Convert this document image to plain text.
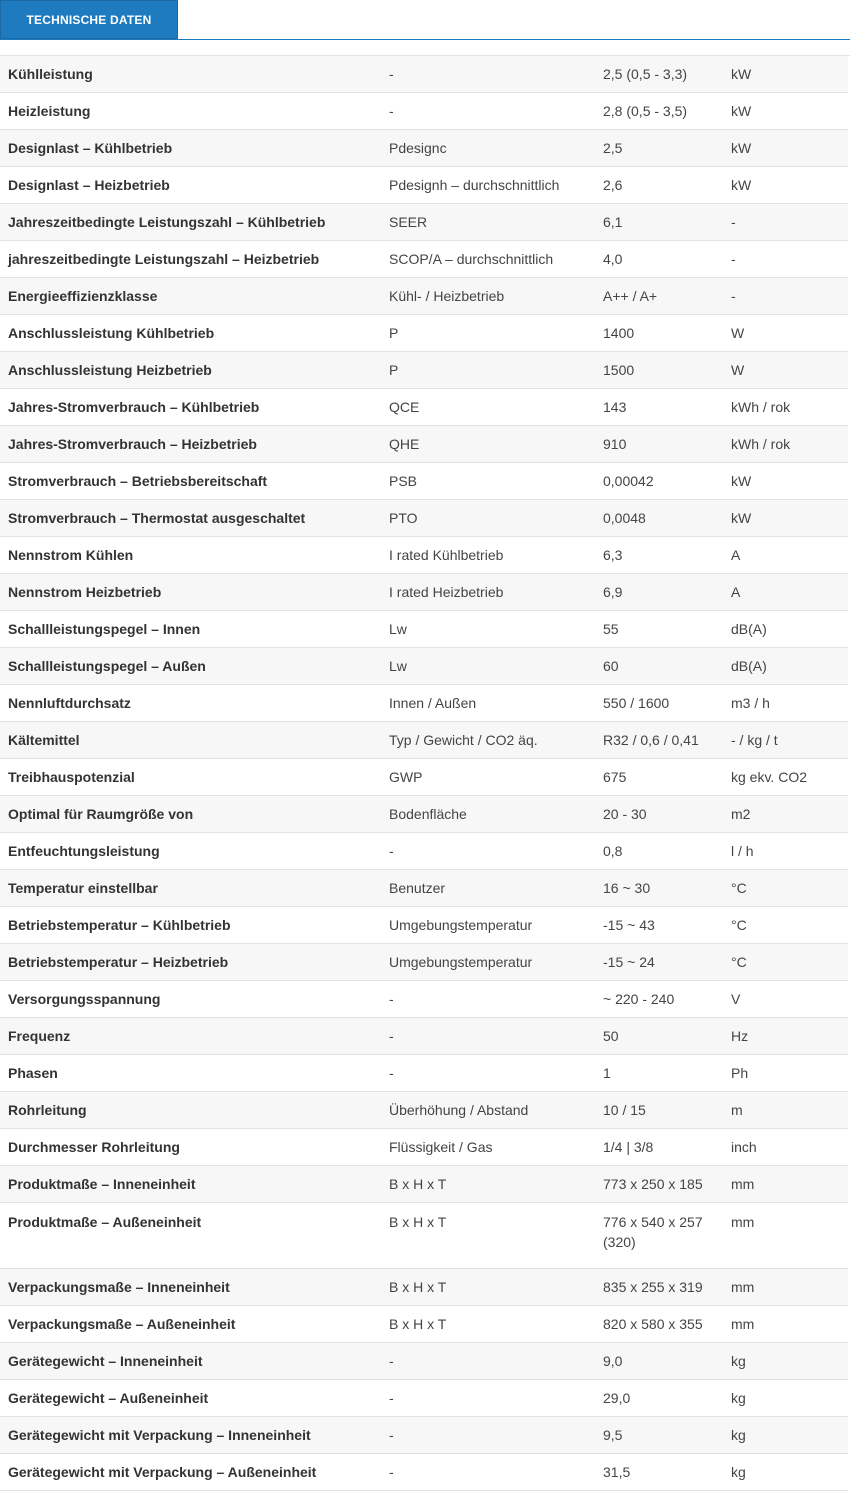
TECHNISCHE DATEN
Kühlleistung	-	2,5 (0,5 - 3,3)	kW
Heizleistung	-	2,8 (0,5 - 3,5)	kW
Designlast – Kühlbetrieb	Pdesignc	2,5	kW
Designlast – Heizbetrieb	Pdesignh – durchschnittlich	2,6	kW
Jahreszeitbedingte Leistungszahl – Kühlbetrieb	SEER	6,1	-
jahreszeitbedingte Leistungszahl – Heizbetrieb	SCOP/A – durchschnittlich	4,0	-
Energieeffizienzklasse	Kühl- / Heizbetrieb	A++ / A+	-
Anschlussleistung Kühlbetrieb	P	1400	W
Anschlussleistung Heizbetrieb	P	1500	W
Jahres-Stromverbrauch – Kühlbetrieb	QCE	143	kWh / rok
Jahres-Stromverbrauch – Heizbetrieb	QHE	910	kWh / rok
Stromverbrauch – Betriebsbereitschaft	PSB	0,00042	kW
Stromverbrauch – Thermostat ausgeschaltet	PTO	0,0048	kW
Nennstrom Kühlen	I rated Kühlbetrieb	6,3	A
Nennstrom Heizbetrieb	I rated Heizbetrieb	6,9	A
Schallleistungspegel – Innen	Lw	55	dB(A)
Schallleistungspegel – Außen	Lw	60	dB(A)
Nennluftdurchsatz	Innen / Außen	550 / 1600	m3 / h
Kältemittel	Typ / Gewicht / CO2 äq.	R32 / 0,6 / 0,41	- / kg / t
Treibhauspotenzial	GWP	675	kg ekv. CO2
Optimal für Raumgröße von	Bodenfläche	20 - 30	m2
Entfeuchtungsleistung	-	0,8	l / h
Temperatur einstellbar	Benutzer	16 ~ 30	°C
Betriebstemperatur – Kühlbetrieb	Umgebungstemperatur	-15 ~ 43	°C
Betriebstemperatur – Heizbetrieb	Umgebungstemperatur	-15 ~ 24	°C
Versorgungsspannung	-	~ 220 - 240	V
Frequenz	-	50	Hz
Phasen	-	1	Ph
Rohrleitung	Überhöhung / Abstand	10 / 15	m
Durchmesser Rohrleitung	Flüssigkeit / Gas	1/4 | 3/8	inch
Produktmaße – Inneneinheit	B x H x T	773 x 250 x 185	mm
Produktmaße – Außeneinheit	B x H x T	776 x 540 x 257 (320)	mm
Verpackungsmaße – Inneneinheit	B x H x T	835 x 255 x 319	mm
Verpackungsmaße – Außeneinheit	B x H x T	820 x 580 x 355	mm
Gerätegewicht – Inneneinheit	-	9,0	kg
Gerätegewicht – Außeneinheit	-	29,0	kg
Gerätegewicht mit Verpackung – Inneneinheit	-	9,5	kg
Gerätegewicht mit Verpackung – Außeneinheit	-	31,5	kg
